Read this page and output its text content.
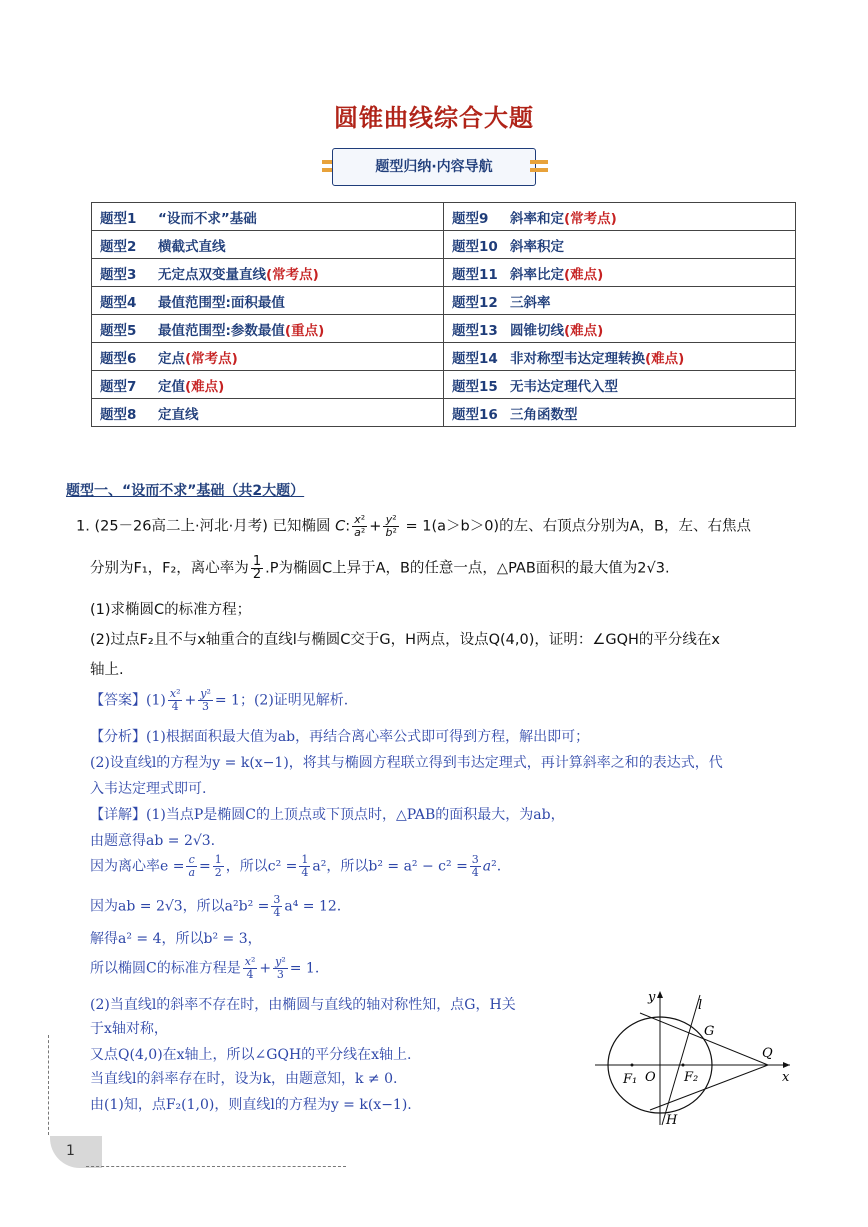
圆锥曲线综合大题
题型归纳·内容导航
题型1 “设而不求”基础	题型9 斜率和定(常考点)
题型2 横截式直线	题型10 斜率积定
题型3 无定点双变量直线(常考点)	题型11 斜率比定(难点)
题型4 最值范围型:面积最值	题型12 三斜率
题型5 最值范围型:参数最值(重点)	题型13 圆锥切线(难点)
题型6 定点(常考点)	题型14 非对称型韦达定理转换(难点)
题型7 定值(难点)	题型15 无韦达定理代入型
题型8 定直线	题型16 三角函数型
题型一、“设而不求”基础（共2大题）
1. (25－26高二上·河北·月考) 已知椭圆 C: $\frac{\text{x²}}{\text{a²}} + \frac{\text{y²}}{\text{b²}} = 1(a>b>0)$的左、右顶点分别为A，B，左、右焦点
分别为F₁，F₂，离心率为 $\frac{1}{2} .P$为椭圆C上异于A，B的任意一点，△PAB面积的最大值为2√3.
(1)求椭圆C的标准方程；
(2)过点F₂且不与x轴重合的直线l与椭圆C交于G，H两点，设点Q(4,0)，证明：∠GQH的平分线在x
轴上.
【答案】$(1) \frac{\text{x²}}{4} + \frac{\text{y²}}{3} = 1$；(2)证明见解析.
【分析】(1)根据面积最大值为ab，再结合离心率公式即可得到方程，解出即可；
(2)设直线l的方程为y = k(x−1)，将其与椭圆方程联立得到韦达定理式，再计算斜率之和的表达式，代
入韦达定理式即可.
【详解】(1)当点P是椭圆C的上顶点或下顶点时，△PAB的面积最大，为ab，
由题意得ab = 2√3.
因为离心率$e = \frac{c}{a} = \frac{1}{2}$ ，所以$c^2 = \frac{1}{4} a^2$，所以$b^2 = a^2 - c^2 = \frac{3}{4} a^2$.
因为ab = 2√3，所以$a^2b^2 = \frac{3}{4} a^4 = 12$.
解得a² = 4，所以b² = 3，
所以椭圆C的标准方程是 $\frac{\text{x²}}{4} + \frac{\text{y²}}{3} = 1$.
(2)当直线l的斜率不存在时，由椭圆与直线的轴对称性知，点G，H关
于x轴对称，
又点Q(4,0)在x轴上，所以∠GQH的平分线在x轴上.
当直线l的斜率存在时，设为k，由题意知，k ≠ 0.
由(1)知，点F₂(1,0)，则直线l的方程为y = k(x−1).
y
x
l
G
Q
F₁ O F₂
H
1
